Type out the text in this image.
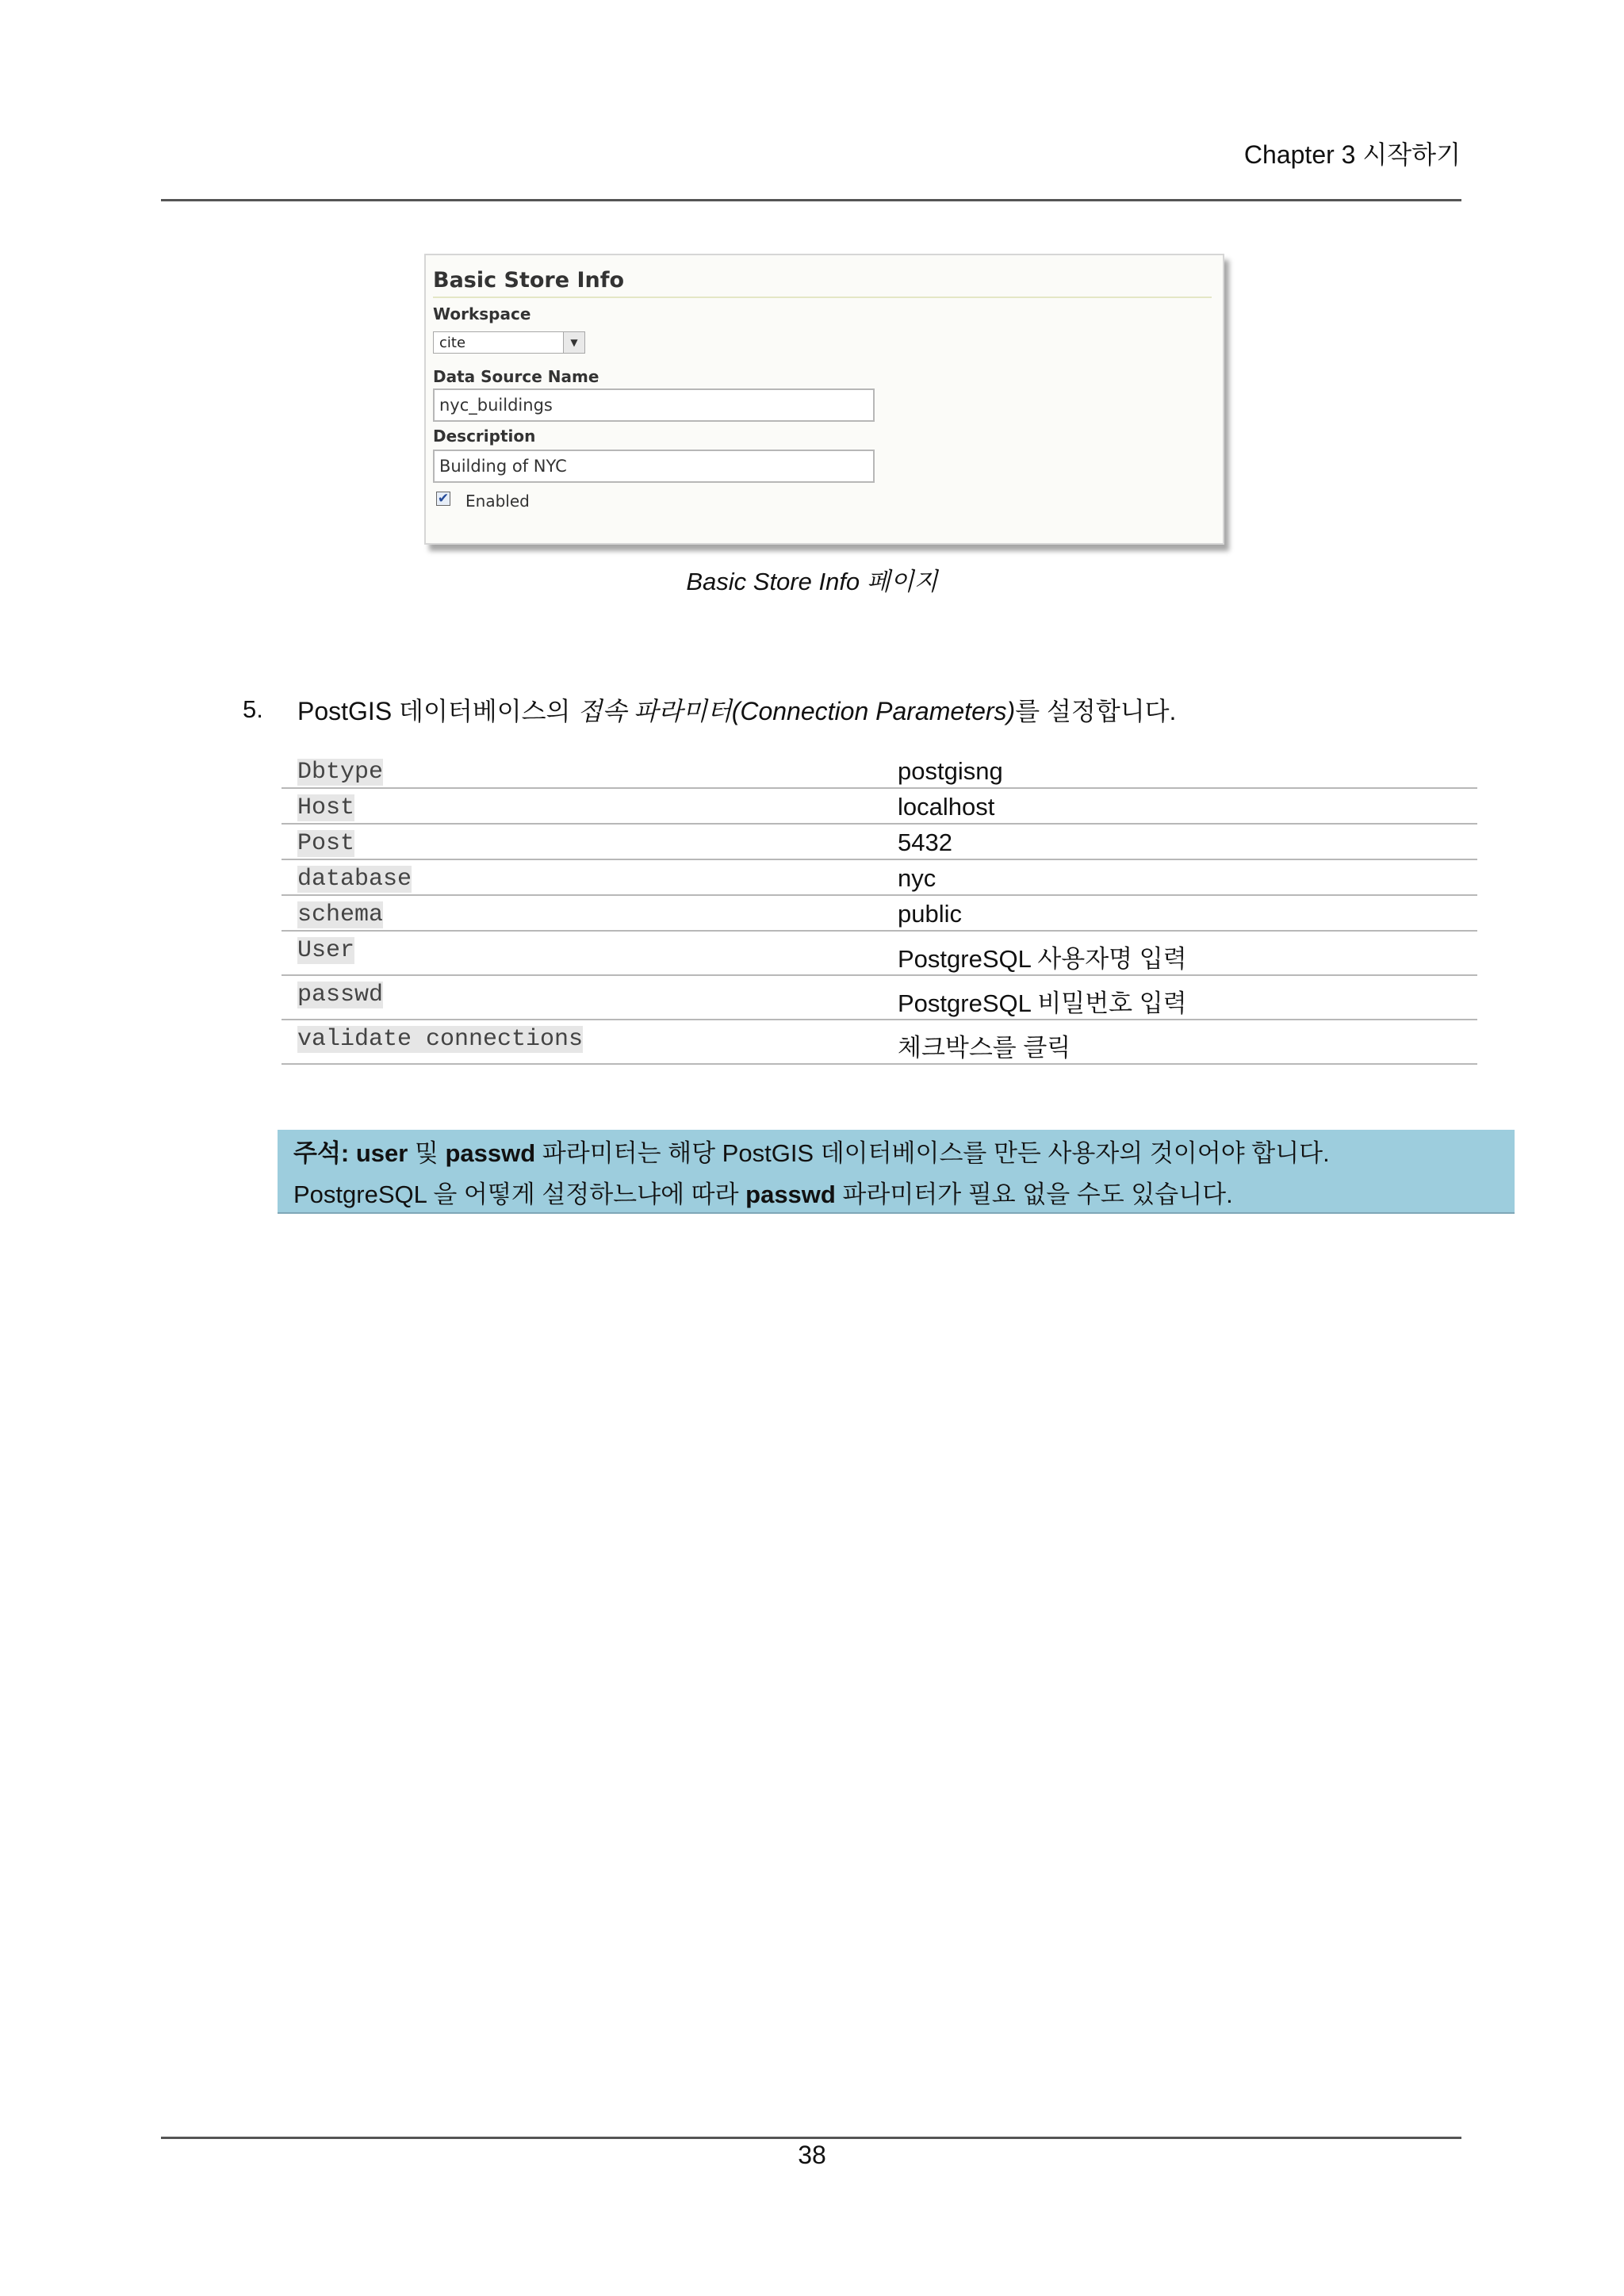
Chapter 3 시작하기
Basic Store Info
Workspace
cite	▼
Data Source Name
nyc_buildings
Description
Building of NYC
✔ Enabled
Basic Store Info 페이지
5. PostGIS 데이터베이스의 접속 파라미터(Connection Parameters)를 설정합니다.
Dbtype	postgisng
Host	localhost
Post	5432
database	nyc
schema	public
User	PostgreSQL 사용자명 입력
passwd	PostgreSQL 비밀번호 입력
validate connections	체크박스를 클릭
주석: user 및 passwd 파라미터는 해당 PostGIS 데이터베이스를 만든 사용자의 것이어야 합니다.
PostgreSQL 을 어떻게 설정하느냐에 따라 passwd 파라미터가 필요 없을 수도 있습니다.
38
